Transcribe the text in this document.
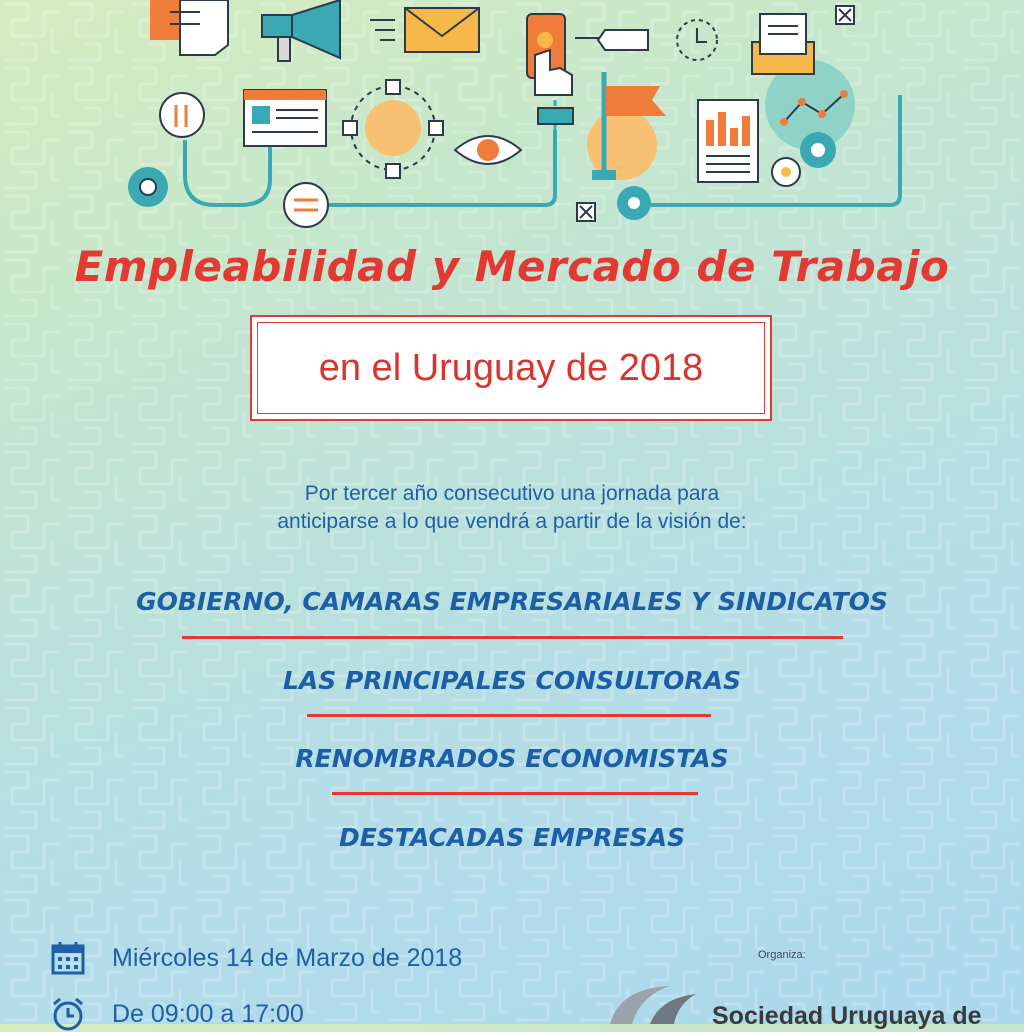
Empleabilidad y Mercado de Trabajo
en el Uruguay de 2018
Por tercer año consecutivo una jornada para
anticiparse a lo que vendrá a partir de la visión de:
GOBIERNO, CAMARAS EMPRESARIALES Y SINDICATOS
LAS PRINCIPALES CONSULTORAS
RENOMBRADOS ECONOMISTAS
DESTACADAS EMPRESAS
Miércoles 14 de Marzo de 2018
De 09:00 a 17:00
Organiza:
Sociedad Uruguaya de
